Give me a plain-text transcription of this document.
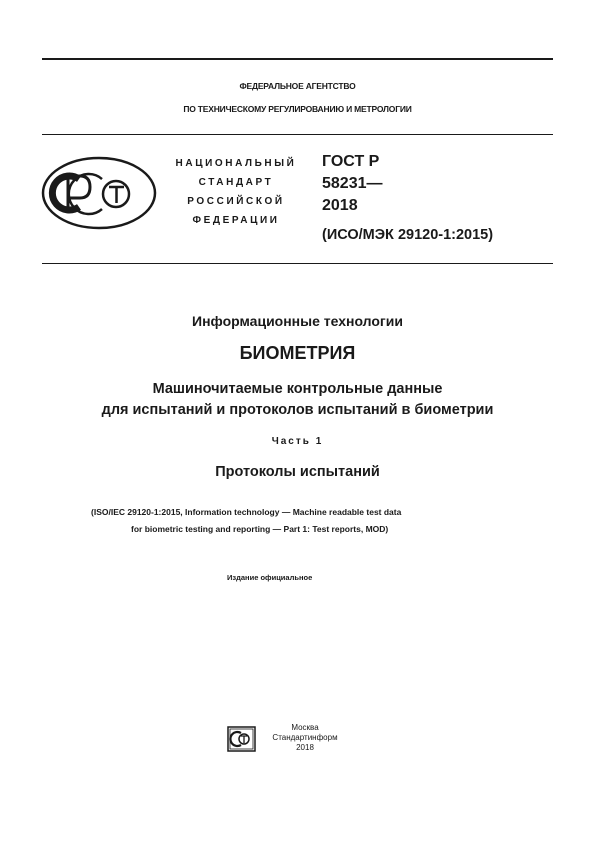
ФЕДЕРАЛЬНОЕ АГЕНТСТВО
ПО ТЕХНИЧЕСКОМУ РЕГУЛИРОВАНИЮ И МЕТРОЛОГИИ
НАЦИОНАЛЬНЫЙ
СТАНДАРТ
РОССИЙСКОЙ
ФЕДЕРАЦИИ
ГОСТ Р
58231—
2018
(ИСО/МЭК 29120-1:2015)
Информационные технологии
БИОМЕТРИЯ
Машиночитаемые контрольные данные
для испытаний и протоколов испытаний в биометрии
Часть 1
Протоколы испытаний
(ISO/IEC 29120-1:2015, Information technology — Machine readable test data
for biometric testing and reporting — Part 1: Test reports, MOD)
Издание официальное
Москва
Стандартинформ
2018
